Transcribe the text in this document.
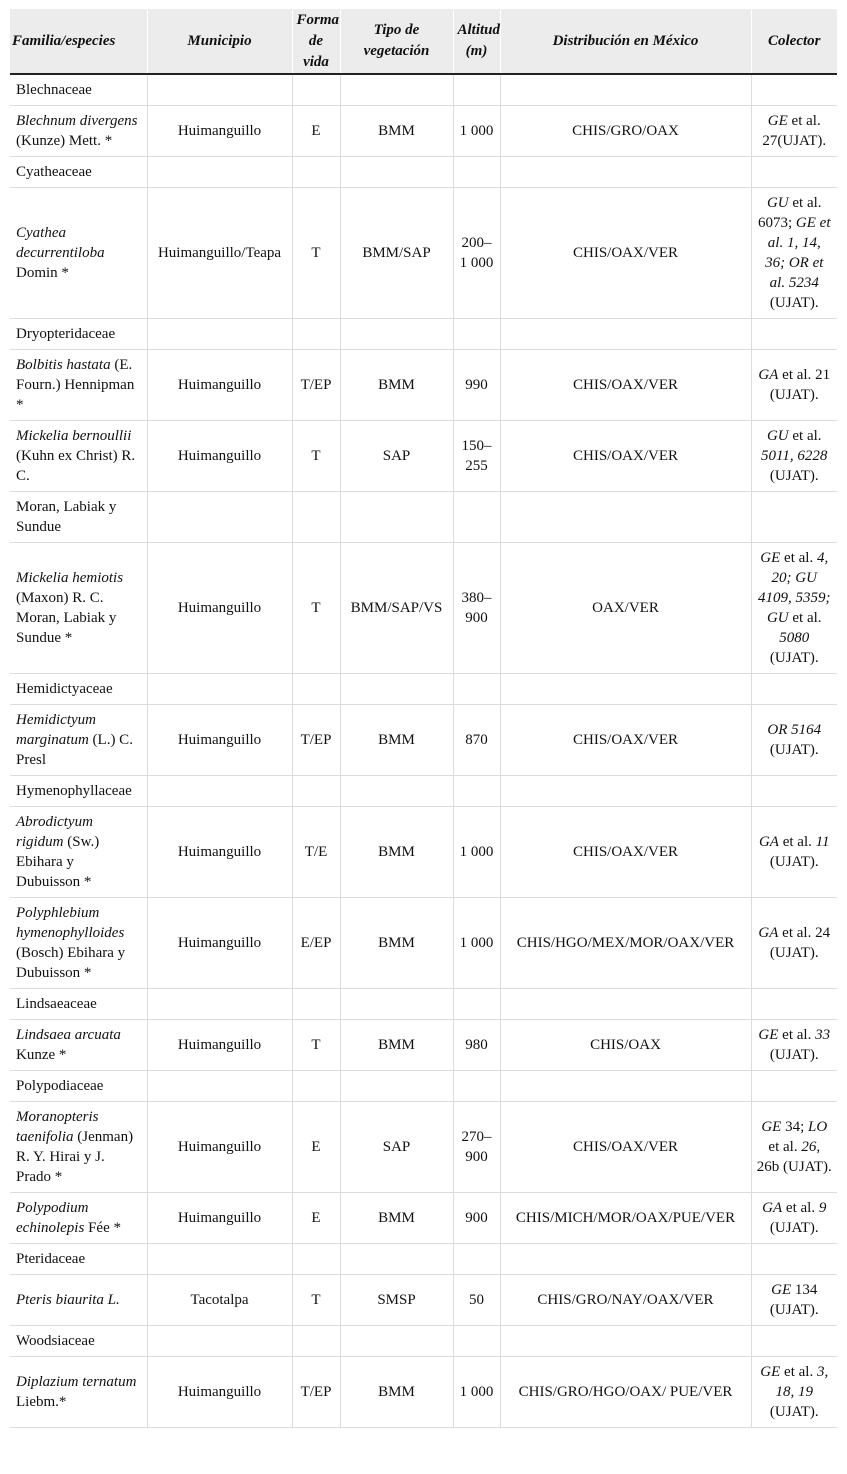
Familia/especies	Municipio	Forma de vida	Tipo de vegetación	Altitud (m)	Distribución en México	Colector
Blechnaceae						
Blechnum divergens (Kunze) Mett. *	Huimanguillo	E	BMM	1 000	CHIS/GRO/OAX	GE et al. 27(UJAT).
Cyatheaceae						
Cyathea decurrentiloba Domin *	Huimanguillo/Teapa	T	BMM/SAP	200–1 000	CHIS/OAX/VER	GU et al. 6073; GE et al. 1, 14, 36; OR et al. 5234 (UJAT).
Dryopteridaceae						
Bolbitis hastata (E. Fourn.) Hennipman *	Huimanguillo	T/EP	BMM	990	CHIS/OAX/VER	GA et al. 21 (UJAT).
Mickelia bernoullii (Kuhn ex Christ) R. C.	Huimanguillo	T	SAP	150–255	CHIS/OAX/VER	GU et al. 5011, 6228 (UJAT).
Moran, Labiak y Sundue						
Mickelia hemiotis (Maxon) R. C. Moran, Labiak y Sundue *	Huimanguillo	T	BMM/SAP/VS	380–900	OAX/VER	GE et al. 4, 20; GU 4109, 5359; GU et al. 5080 (UJAT).
Hemidictyaceae						
Hemidictyum marginatum (L.) C. Presl	Huimanguillo	T/EP	BMM	870	CHIS/OAX/VER	OR 5164 (UJAT).
Hymenophyllaceae						
Abrodictyum rigidum (Sw.) Ebihara y Dubuisson *	Huimanguillo	T/E	BMM	1 000	CHIS/OAX/VER	GA et al. 11 (UJAT).
Polyphlebium hymenophylloides (Bosch) Ebihara y Dubuisson *	Huimanguillo	E/EP	BMM	1 000	CHIS/HGO/MEX/MOR/OAX/VER	GA et al. 24 (UJAT).
Lindsaeaceae						
Lindsaea arcuata Kunze *	Huimanguillo	T	BMM	980	CHIS/OAX	GE et al. 33 (UJAT).
Polypodiaceae						
Moranopteris taenifolia (Jenman) R. Y. Hirai y J. Prado *	Huimanguillo	E	SAP	270–900	CHIS/OAX/VER	GE 34; LO et al. 26, 26b (UJAT).
Polypodium echinolepis Fée *	Huimanguillo	E	BMM	900	CHIS/MICH/MOR/OAX/PUE/VER	GA et al. 9 (UJAT).
Pteridaceae						
Pteris biaurita L.	Tacotalpa	T	SMSP	50	CHIS/GRO/NAY/OAX/VER	GE 134 (UJAT).
Woodsiaceae						
Diplazium ternatum Liebm.*	Huimanguillo	T/EP	BMM	1 000	CHIS/GRO/HGO/OAX/ PUE/VER	GE et al. 3, 18, 19 (UJAT).
